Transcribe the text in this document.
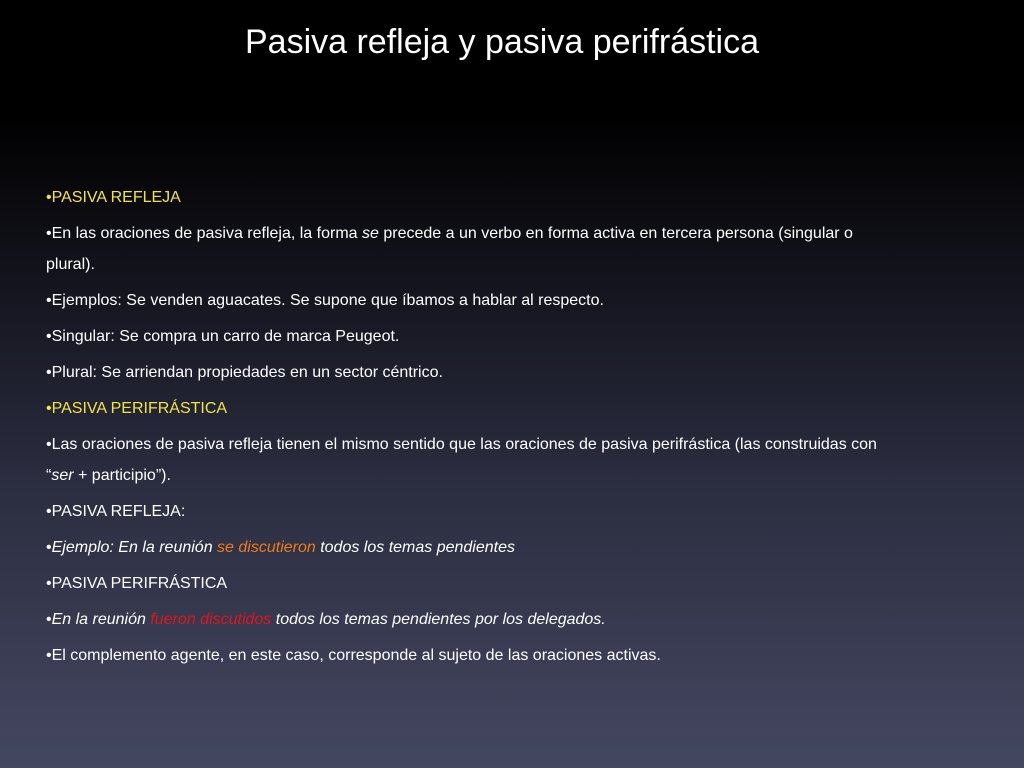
Pasiva refleja y pasiva perifrástica
•PASIVA REFLEJA
•En las oraciones de pasiva refleja, la forma se precede a un verbo en forma activa en tercera persona (singular o plural).
•Ejemplos: Se venden aguacates. Se supone que íbamos a hablar al respecto.
•Singular: Se compra un carro de marca Peugeot.
•Plural: Se arriendan propiedades en un sector céntrico.
•PASIVA PERIFRÁSTICA
•Las oraciones de pasiva refleja tienen el mismo sentido que las oraciones de pasiva perifrástica (las construidas con “ser + participio”).
•PASIVA REFLEJA:
•Ejemplo: En la reunión se discutieron todos los temas pendientes
•PASIVA PERIFRÁSTICA
•En la reunión fueron discutidos todos los temas pendientes por los delegados.
•El complemento agente, en este caso, corresponde al sujeto de las oraciones activas.
